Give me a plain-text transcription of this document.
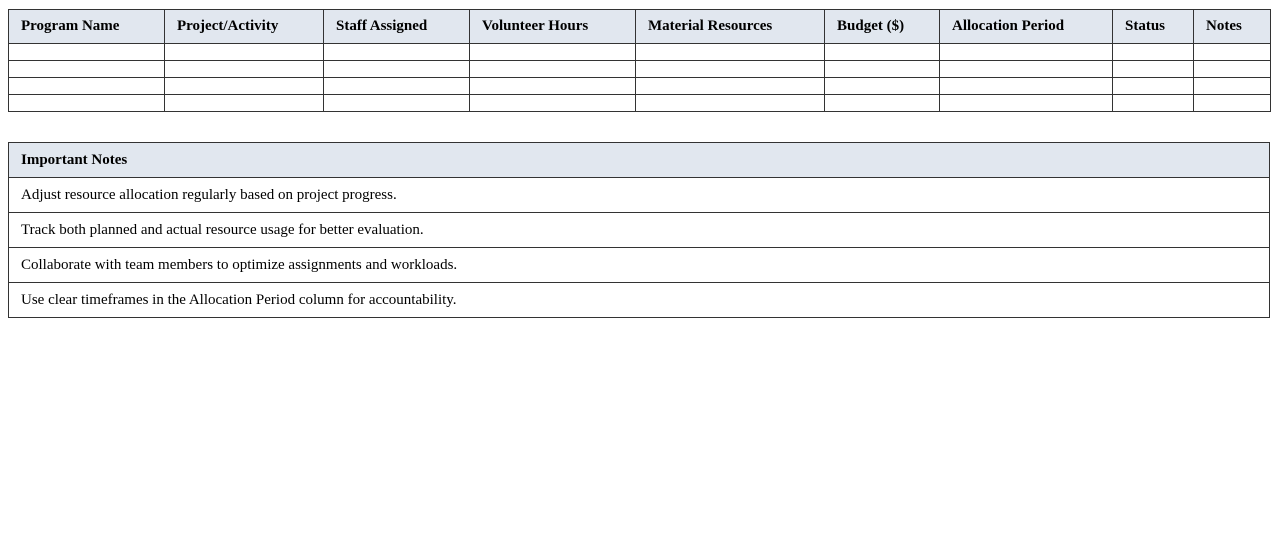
Program Name	Project/Activity	Staff Assigned	Volunteer Hours	Material Resources	Budget ($)	Allocation Period	Status	Notes

Important Notes
Adjust resource allocation regularly based on project progress.
Track both planned and actual resource usage for better evaluation.
Collaborate with team members to optimize assignments and workloads.
Use clear timeframes in the Allocation Period column for accountability.
